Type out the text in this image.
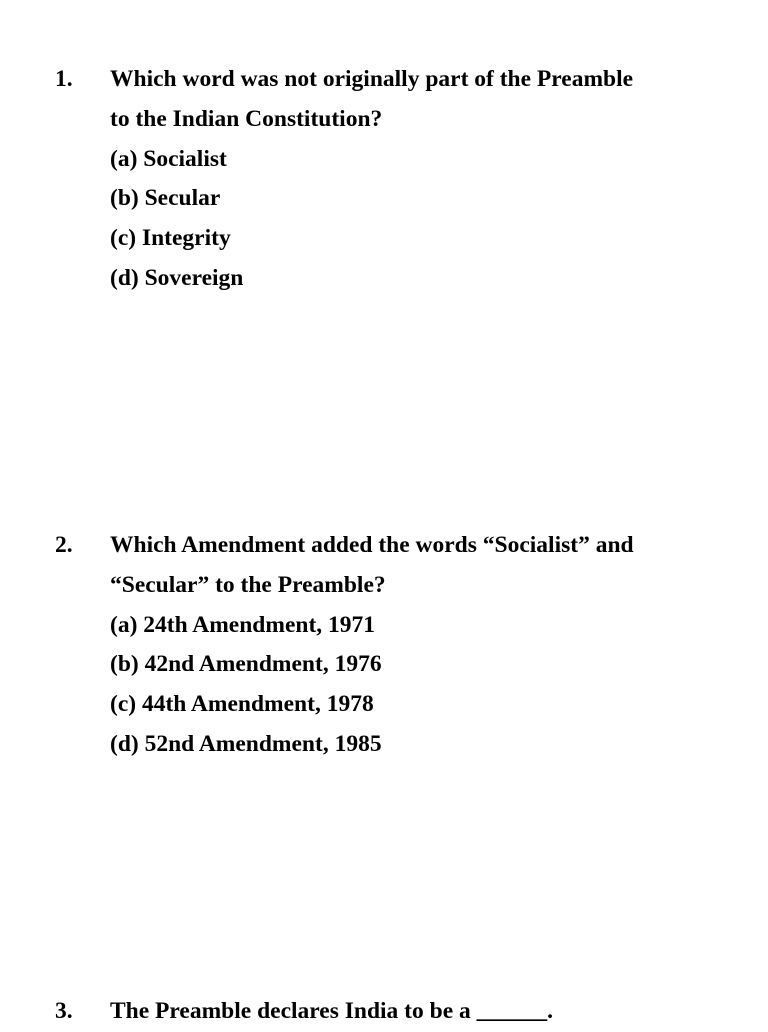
1. Which word was not originally part of the Preamble
to the Indian Constitution?
(a) Socialist
(b) Secular
(c) Integrity
(d) Sovereign
2. Which Amendment added the words “Socialist” and
“Secular” to the Preamble?
(a) 24th Amendment, 1971
(b) 42nd Amendment, 1976
(c) 44th Amendment, 1978
(d) 52nd Amendment, 1985
3. The Preamble declares India to be a ______.
